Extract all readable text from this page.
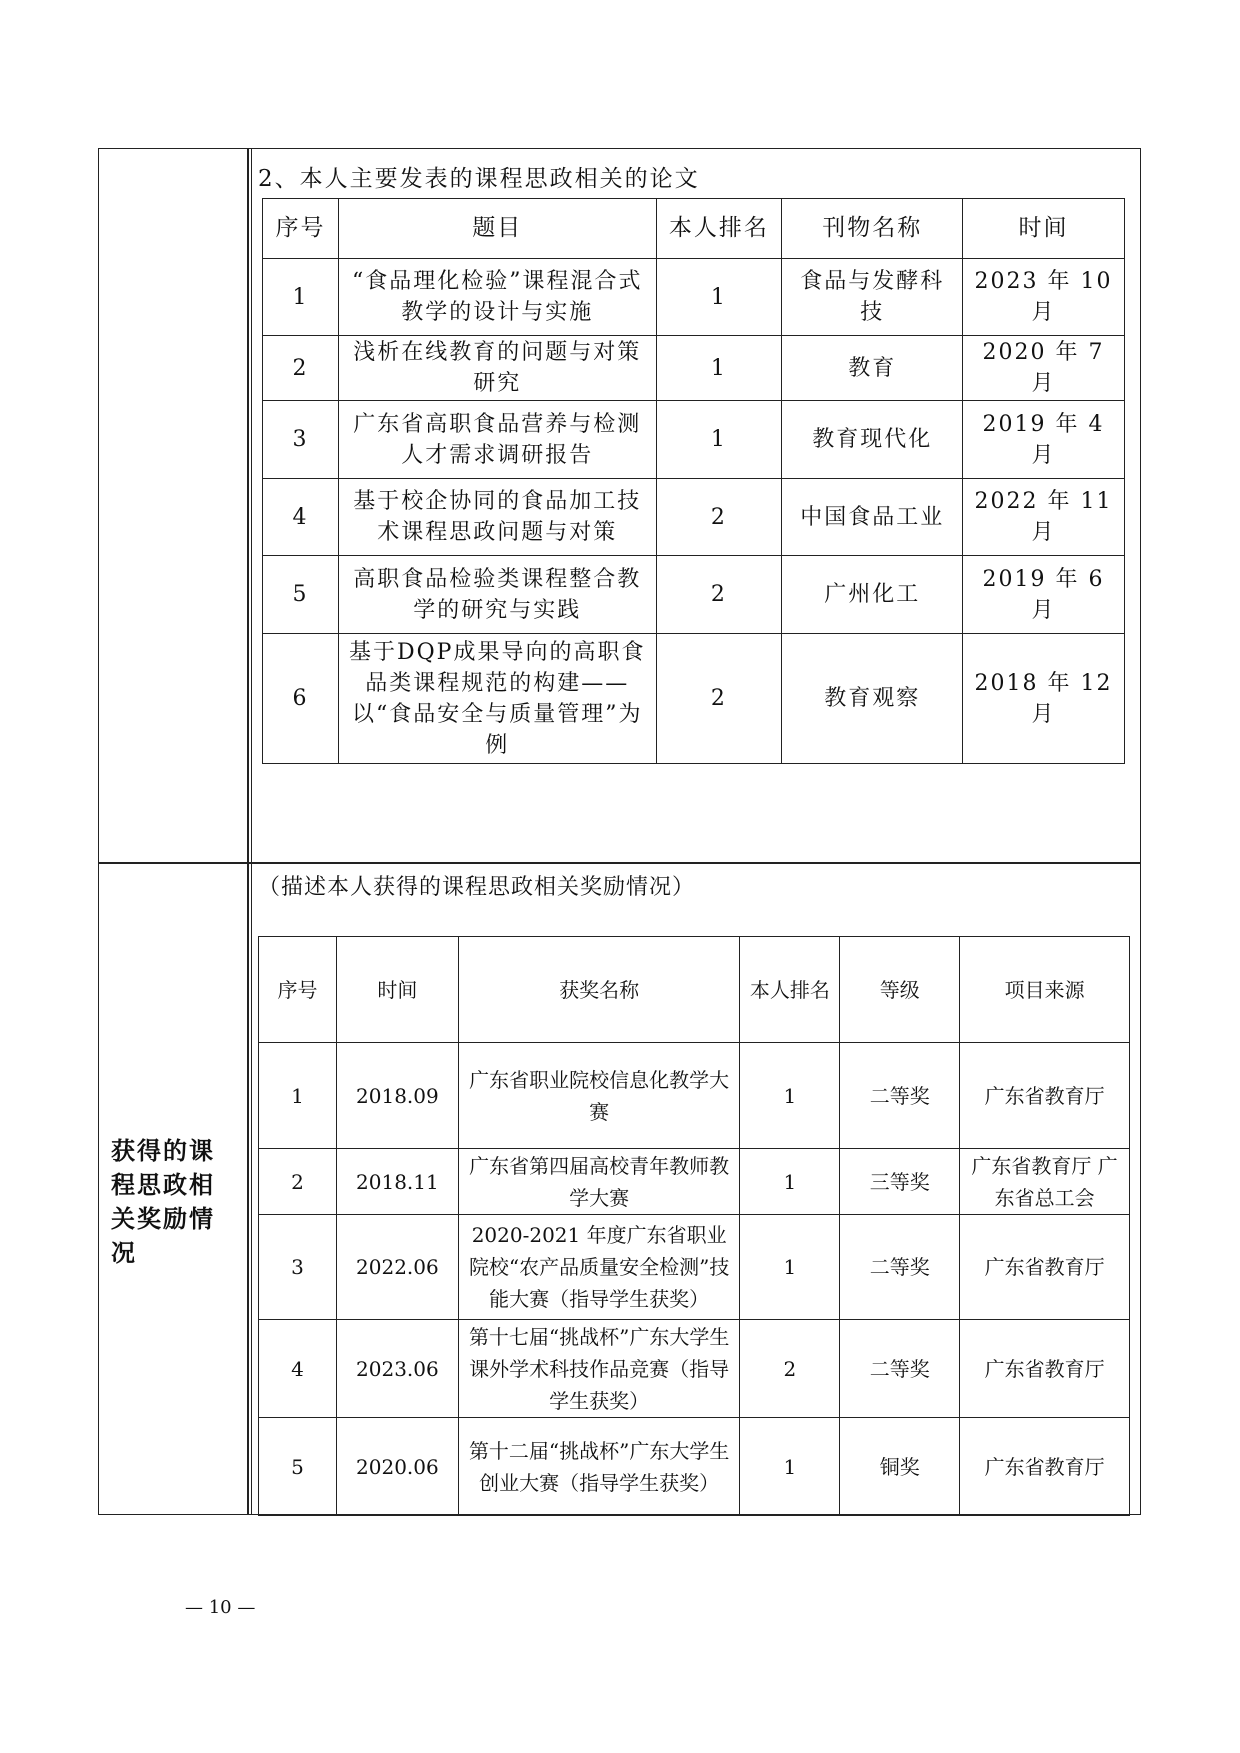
获得的课程思政相关奖励情况
2、本人主要发表的课程思政相关的论文
序号	题目	本人排名	刊物名称	时间
1	“食品理化检验”课程混合式教学的设计与实施	1	食品与发酵科技	2023 年 10 月
2	浅析在线教育的问题与对策研究	1	教育	2020 年 7 月
3	广东省高职食品营养与检测人才需求调研报告	1	教育现代化	2019 年 4 月
4	基于校企协同的食品加工技术课程思政问题与对策	2	中国食品工业	2022 年 11 月
5	高职食品检验类课程整合教学的研究与实践	2	广州化工	2019 年 6 月
6	基于DQP成果导向的高职食品类课程规范的构建——以“食品安全与质量管理”为例	2	教育观察	2018 年 12 月
（描述本人获得的课程思政相关奖励情况）
序号	时间	获奖名称	本人排名	等级	项目来源
1	2018.09	广东省职业院校信息化教学大赛	1	二等奖	广东省教育厅
2	2018.11	广东省第四届高校青年教师教学大赛	1	三等奖	广东省教育厅 广东省总工会
3	2022.06	2020-2021 年度广东省职业院校“农产品质量安全检测”技能大赛（指导学生获奖）	1	二等奖	广东省教育厅
4	2023.06	第十七届“挑战杯”广东大学生课外学术科技作品竞赛（指导学生获奖）	2	二等奖	广东省教育厅
5	2020.06	第十二届“挑战杯”广东大学生创业大赛（指导学生获奖）	1	铜奖	广东省教育厅
— 10 —
